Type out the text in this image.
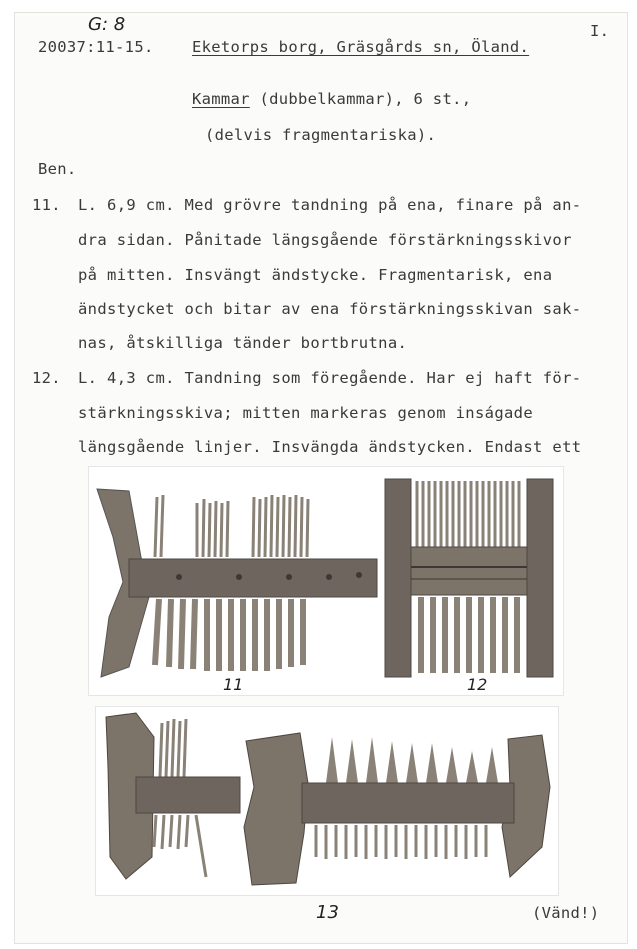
G: 8
20037:11-15. Eketorps borg, Gräsgårds sn, Öland.
I.
Kammar (dubbelkammar), 6 st.,
(delvis fragmentariska).
Ben.
11. L. 6,9 cm. Med grövre tandning på ena, finare på an-
dra sidan. Pånitade längsgående förstärkningsskivor
på mitten. Insvängt ändstycke. Fragmentarisk, ena
ändstycket och bitar av ena förstärkningsskivan sak-
nas, åtskilliga tänder bortbrutna.
12. L. 4,3 cm. Tandning som föregående. Har ej haft för-
stärkningsskiva; mitten markeras genom inságade
längsgående linjer. Insvängda ändstycken. Endast ett
11	12
13	(Vänd!)
